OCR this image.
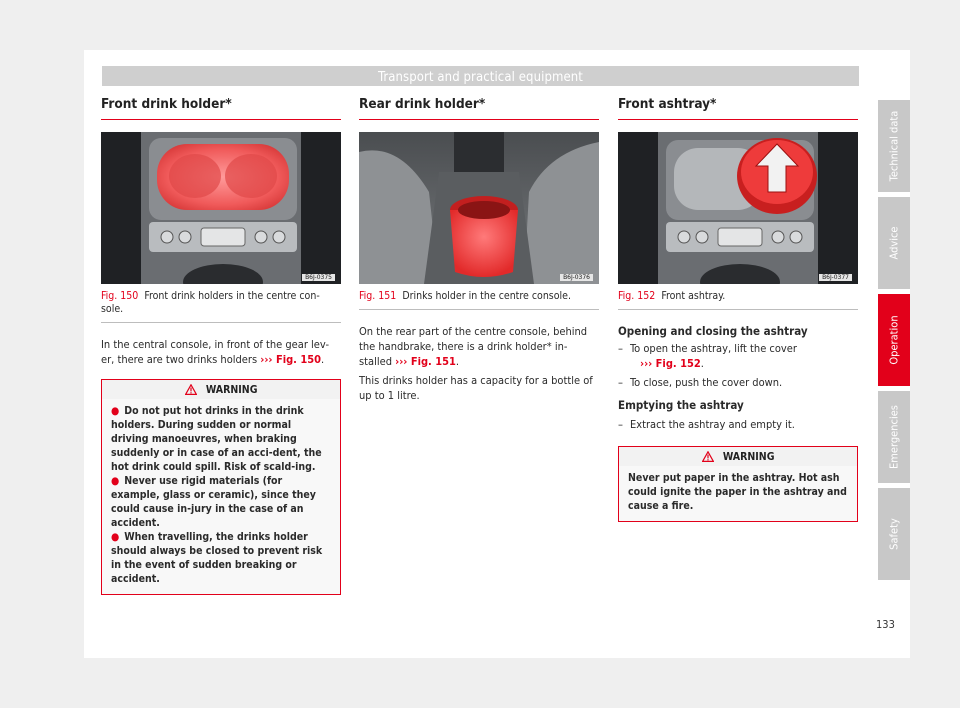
Transport and practical equipment
Front drink holder*
B6J-0375
Fig. 150 Front drink holders in the centre con-sole.

In the central console, in front of the gear lev-er, there are two drinks holders ››› Fig. 150.

WARNING
● Do not put hot drinks in the drink holders. During sudden or normal driving manoeuvres, when braking suddenly or in case of an acci-dent, the hot drink could spill. Risk of scald-ing.
● Never use rigid materials (for example, glass or ceramic), since they could cause in-jury in the case of an accident.
● When travelling, the drinks holder should always be closed to prevent risk in the event of sudden breaking or accident.
Rear drink holder*
B6J-0376
Fig. 151 Drinks holder in the centre console.

On the rear part of the centre console, behind the handbrake, there is a drink holder* in-stalled ››› Fig. 151.

This drinks holder has a capacity for a bottle of up to 1 litre.

Front ashtray*
B6J-0377
Fig. 152 Front ashtray.

Opening and closing the ashtray

– To open the ashtray, lift the cover
››› Fig. 152.
– To close, push the cover down.

Emptying the ashtray

– Extract the ashtray and empty it.
WARNING

Never put paper in the ashtray. Hot ash could ignite the paper in the ashtray and cause a fire.

Technical data
Advice
Operation
Emergencies
Safety
133
